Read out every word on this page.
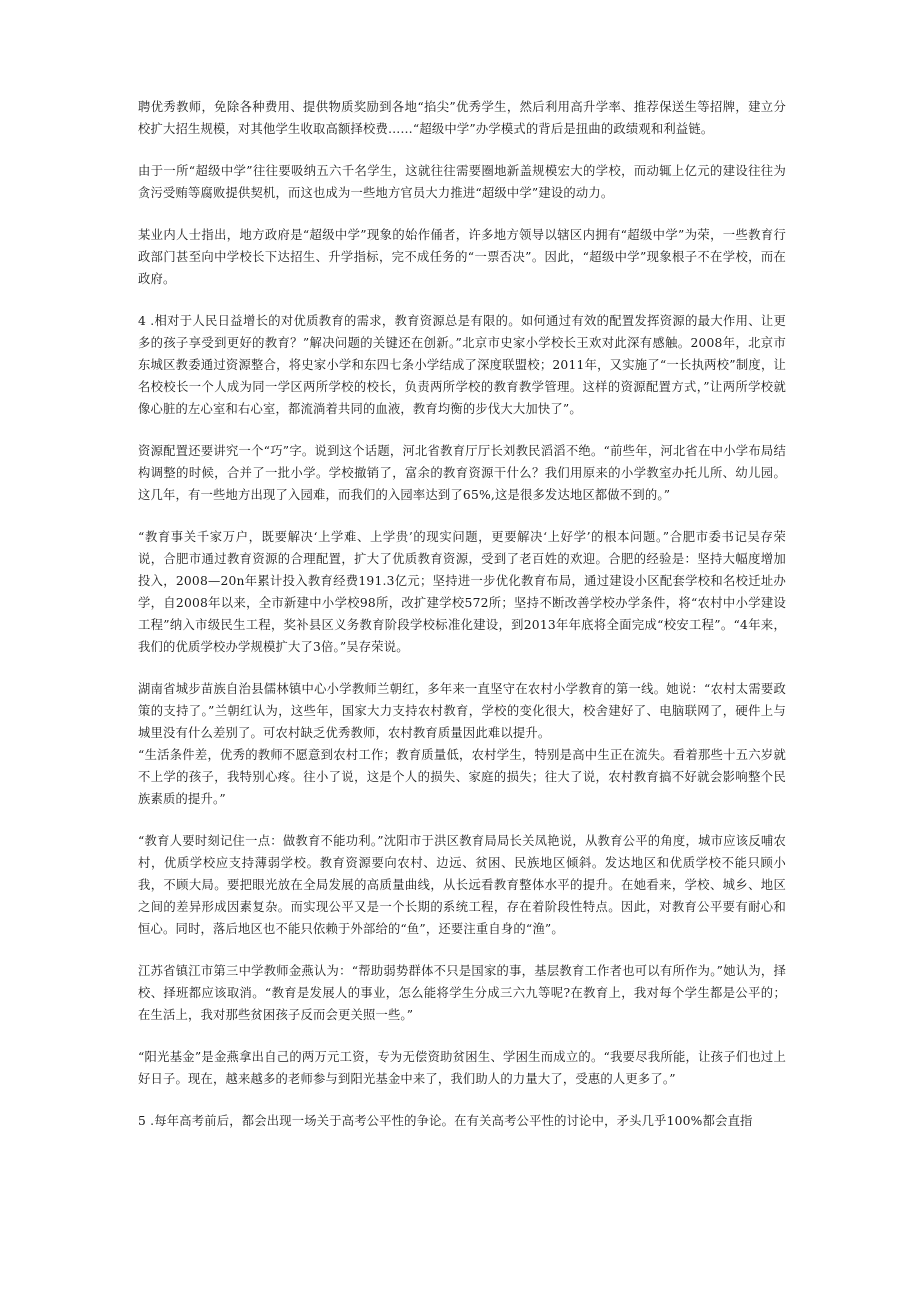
聘优秀教师，免除各种费用、提供物质奖励到各地“掐尖”优秀学生，然后利用高升学率、推荐保送生等招牌，建立分校扩大招生规模，对其他学生收取高额择校费……“超级中学”办学模式的背后是扭曲的政绩观和利益链。

由于一所“超级中学”往往要吸纳五六千名学生，这就往往需要圈地新盖规模宏大的学校，而动辄上亿元的建设往往为贪污受贿等腐败提供契机，而这也成为一些地方官员大力推进“超级中学”建设的动力。

某业内人士指出，地方政府是“超级中学”现象的始作俑者，许多地方领导以辖区内拥有“超级中学”为荣，一些教育行政部门甚至向中学校长下达招生、升学指标，完不成任务的“一票否决”。因此，“超级中学”现象根子不在学校，而在政府。

4 .相对于人民日益增长的对优质教育的需求，教育资源总是有限的。如何通过有效的配置发挥资源的最大作用、让更多的孩子享受到更好的教育？”解决问题的关键还在创新。”北京市史家小学校长王欢对此深有感触。2008年，北京市东城区教委通过资源整合，将史家小学和东四七条小学结成了深度联盟校；2011年，又实施了“一长执两校”制度，让名校校长一个人成为同一学区两所学校的校长，负责两所学校的教育教学管理。这样的资源配置方式，”让两所学校就像心脏的左心室和右心室，都流淌着共同的血液，教育均衡的步伐大大加快了”。

资源配置还要讲究一个“巧”字。说到这个话题，河北省教育厅厅长刘教民滔滔不绝。“前些年，河北省在中小学布局结构调整的时候，合并了一批小学。学校撤销了，富余的教育资源干什么？我们用原来的小学教室办托儿所、幼儿园。这几年，有一些地方出现了入园难，而我们的入园率达到了65%,这是很多发达地区都做不到的。”

“教育事关千家万户，既要解决‘上学难、上学贵’的现实问题，更要解决‘上好学’的根本问题。”合肥市委书记吴存荣说，合肥市通过教育资源的合理配置，扩大了优质教育资源，受到了老百姓的欢迎。合肥的经验是：坚持大幅度增加投入，2008—20n年累计投入教育经费191.3亿元；坚持进一步优化教育布局，通过建设小区配套学校和名校迁址办学，自2008年以来，全市新建中小学校98所，改扩建学校572所；坚持不断改善学校办学条件，将“农村中小学建设工程”纳入市级民生工程，奖补县区义务教育阶段学校标准化建设，到2013年年底将全面完成“校安工程”。“4年来，我们的优质学校办学规模扩大了3倍。”吴存荣说。

湖南省城步苗族自治县儒林镇中心小学教师兰朝红，多年来一直坚守在农村小学教育的第一线。她说：“农村太需要政策的支持了。”兰朝红认为，这些年，国家大力支持农村教育，学校的变化很大，校舍建好了、电脑联网了，硬件上与城里没有什么差别了。可农村缺乏优秀教师，农村教育质量因此难以提升。

“生活条件差，优秀的教师不愿意到农村工作；教育质量低，农村学生，特别是高中生正在流失。看着那些十五六岁就不上学的孩子，我特别心疼。往小了说，这是个人的损失、家庭的损失；往大了说，农村教育搞不好就会影响整个民族素质的提升。”

“教育人要时刻记住一点：做教育不能功利。”沈阳市于洪区教育局局长关凤艳说，从教育公平的角度，城市应该反哺农村，优质学校应支持薄弱学校。教育资源要向农村、边远、贫困、民族地区倾斜。发达地区和优质学校不能只顾小我，不顾大局。要把眼光放在全局发展的高质量曲线，从长远看教育整体水平的提升。在她看来，学校、城乡、地区之间的差异形成因素复杂。而实现公平又是一个长期的系统工程，存在着阶段性特点。因此，对教育公平要有耐心和恒心。同时，落后地区也不能只依赖于外部给的“鱼”，还要注重自身的“渔”。

江苏省镇江市第三中学教师金燕认为：“帮助弱势群体不只是国家的事，基层教育工作者也可以有所作为。”她认为，择校、择班都应该取消。“教育是发展人的事业，怎么能将学生分成三六九等呢?在教育上，我对每个学生都是公平的；在生活上，我对那些贫困孩子反而会更关照一些。”

“阳光基金”是金燕拿出自己的两万元工资，专为无偿资助贫困生、学困生而成立的。“我要尽我所能，让孩子们也过上好日子。现在，越来越多的老师参与到阳光基金中来了，我们助人的力量大了，受惠的人更多了。”

5 .每年高考前后，都会出现一场关于高考公平性的争论。在有关高考公平性的讨论中，矛头几乎100%都会直指
